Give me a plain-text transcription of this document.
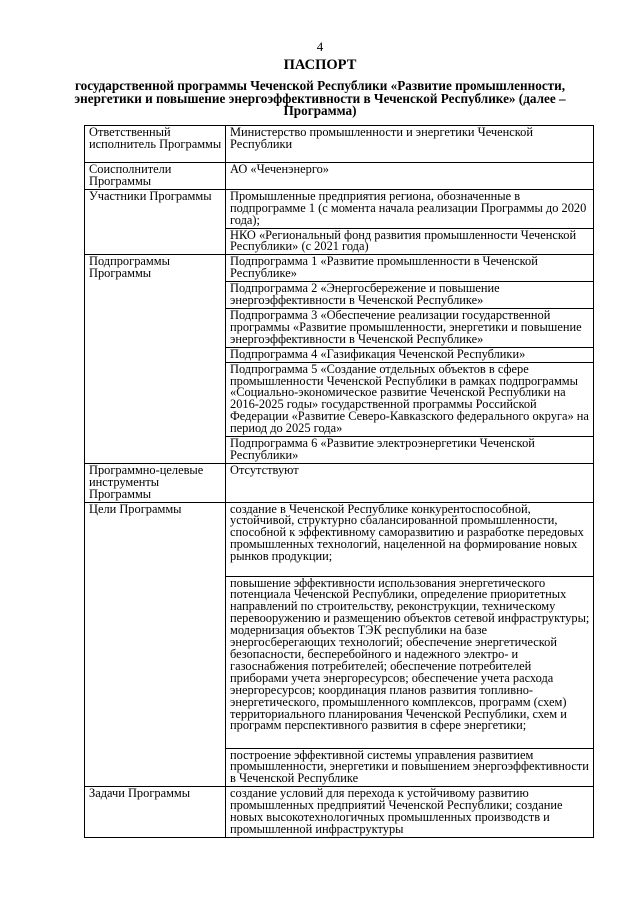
4
ПАСПОРТ
государственной программы Чеченской Республики «Развитие промышленности, энергетики и повышение энергоэффективности в Чеченской Республике» (далее – Программа)
Ответственный исполнитель Программы	Министерство промышленности и энергетики Чеченской Республики
Соисполнители Программы	АО «Чеченэнерго»
Участники Программы	Промышленные предприятия региона, обозначенные в подпрограмме 1 (с момента начала реализации Программы до 2020 года);
	НКО «Региональный фонд развития промышленности Чеченской Республики» (с 2021 года)
Подпрограммы Программы	Подпрограмма 1 «Развитие промышленности в Чеченской Республике»
	Подпрограмма 2 «Энергосбережение и повышение энергоэффективности в Чеченской Республике»
	Подпрограмма 3 «Обеспечение реализации государственной программы «Развитие промышленности, энергетики и повышение энергоэффективности в Чеченской Республике»
	Подпрограмма 4 «Газификация Чеченской Республики»
	Подпрограмма 5 «Создание отдельных объектов в сфере промышленности Чеченской Республики в рамках подпрограммы «Социально-экономическое развитие Чеченской Республики на 2016-2025 годы» государственной программы Российской Федерации «Развитие Северо-Кавказского федерального округа» на период до 2025 года»
	Подпрограмма 6 «Развитие электроэнергетики Чеченской Республики»
Программно-целевые инструменты Программы	Отсутствуют
Цели Программы	создание в Чеченской Республике конкурентоспособной, устойчивой, структурно сбалансированной промышленности, способной к эффективному саморазвитию и разработке передовых промышленных технологий, нацеленной на формирование новых рынков продукции;
	повышение эффективности использования энергетического потенциала Чеченской Республики, определение приоритетных направлений по строительству, реконструкции, техническому перевооружению и размещению объектов сетевой инфраструктуры; модернизация объектов ТЭК республики на базе энергосберегающих технологий; обеспечение энергетической безопасности, бесперебойного и надежного электро- и газоснабжения потребителей; обеспечение потребителей приборами учета энергоресурсов; обеспечение учета расхода энергоресурсов; координация планов развития топливно-энергетического, промышленного комплексов, программ (схем) территориального планирования Чеченской Республики, схем и программ перспективного развития в сфере энергетики;
	построение эффективной системы управления развитием промышленности, энергетики и повышением энергоэффективности в Чеченской Республике
Задачи Программы	создание условий для перехода к устойчивому развитию промышленных предприятий Чеченской Республики; создание новых высокотехнологичных промышленных производств и промышленной инфраструктуры
